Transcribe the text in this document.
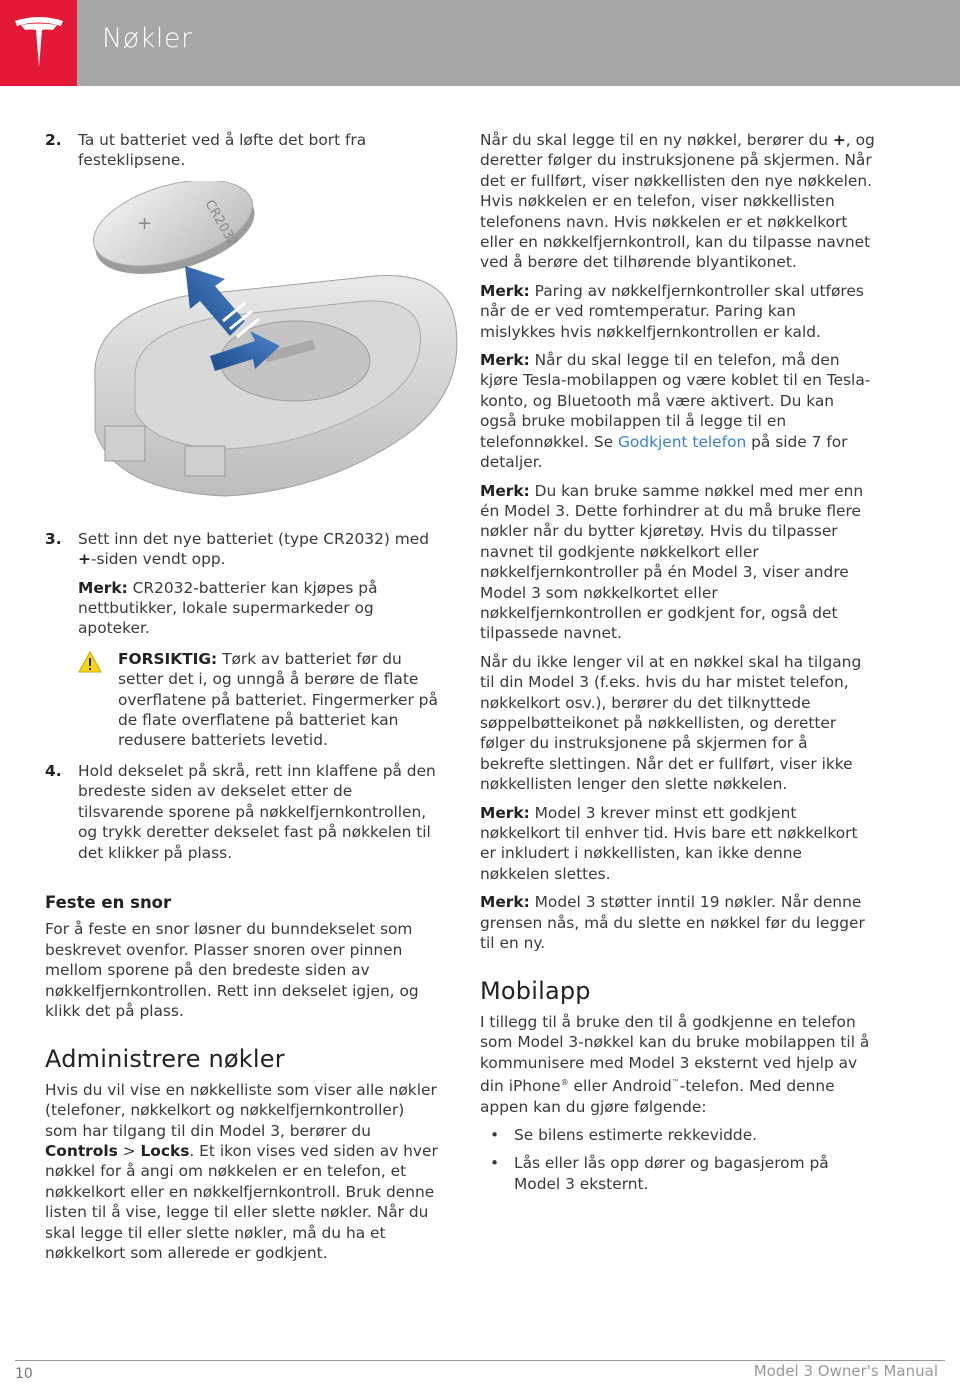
Nøkler
2. Ta ut batteriet ved å løfte det bort fra festeklipsene.
CR2032
+
3. Sett inn det nye batteriet (type CR2032) med +-siden vendt opp.
Merk: CR2032-batterier kan kjøpes på nettbutikker, lokale supermarkeder og apoteker.
FORSIKTIG: Tørk av batteriet før du setter det i, og unngå å berøre de flate overflatene på batteriet. Fingermerker på de flate overflatene på batteriet kan redusere batteriets levetid.
4. Hold dekselet på skrå, rett inn klaffene på den bredeste siden av dekselet etter de tilsvarende sporene på nøkkelfjernkontrollen, og trykk deretter dekselet fast på nøkkelen til det klikker på plass.
Feste en snor

For å feste en snor løsner du bunndekselet som beskrevet ovenfor. Plasser snoren over pinnen mellom sporene på den bredeste siden av nøkkelfjernkontrollen. Rett inn dekselet igjen, og klikk det på plass.

Administrere nøkler

Hvis du vil vise en nøkkelliste som viser alle nøkler (telefoner, nøkkelkort og nøkkelfjernkontroller) som har tilgang til din Model 3, berører du Controls > Locks. Et ikon vises ved siden av hver nøkkel for å angi om nøkkelen er en telefon, et nøkkelkort eller en nøkkelfjernkontroll. Bruk denne listen til å vise, legge til eller slette nøkler. Når du skal legge til eller slette nøkler, må du ha et nøkkelkort som allerede er godkjent.

Når du skal legge til en ny nøkkel, berører du +, og deretter følger du instruksjonene på skjermen. Når det er fullført, viser nøkkellisten den nye nøkkelen. Hvis nøkkelen er en telefon, viser nøkkellisten telefonens navn. Hvis nøkkelen er et nøkkelkort eller en nøkkelfjernkontroll, kan du tilpasse navnet ved å berøre det tilhørende blyantikonet.

Merk: Paring av nøkkelfjernkontroller skal utføres når de er ved romtemperatur. Paring kan mislykkes hvis nøkkelfjernkontrollen er kald.

Merk: Når du skal legge til en telefon, må den kjøre Tesla-mobilappen og være koblet til en Tesla-konto, og Bluetooth må være aktivert. Du kan også bruke mobilappen til å legge til en telefonnøkkel. Se Godkjent telefon på side 7 for detaljer.

Merk: Du kan bruke samme nøkkel med mer enn én Model 3. Dette forhindrer at du må bruke flere nøkler når du bytter kjøretøy. Hvis du tilpasser navnet til godkjente nøkkelkort eller nøkkelfjernkontroller på én Model 3, viser andre Model 3 som nøkkelkortet eller nøkkelfjernkontrollen er godkjent for, også det tilpassede navnet.

Når du ikke lenger vil at en nøkkel skal ha tilgang til din Model 3 (f.eks. hvis du har mistet telefon, nøkkelkort osv.), berører du det tilknyttede søppelbøtteikonet på nøkkellisten, og deretter følger du instruksjonene på skjermen for å bekrefte slettingen. Når det er fullført, viser ikke nøkkellisten lenger den slette nøkkelen.

Merk: Model 3 krever minst ett godkjent nøkkelkort til enhver tid. Hvis bare ett nøkkelkort er inkludert i nøkkellisten, kan ikke denne nøkkelen slettes.

Merk: Model 3 støtter inntil 19 nøkler. Når denne grensen nås, må du slette en nøkkel før du legger til en ny.

Mobilapp

I tillegg til å bruke den til å godkjenne en telefon som Model 3-nøkkel kan du bruke mobilappen til å kommunisere med Model 3 eksternt ved hjelp av din iPhone® eller Android™-telefon. Med denne appen kan du gjøre følgende:

• Se bilens estimerte rekkevidde.
• Lås eller lås opp dører og bagasjerom på Model 3 eksternt.
10	Model 3 Owner's Manual
